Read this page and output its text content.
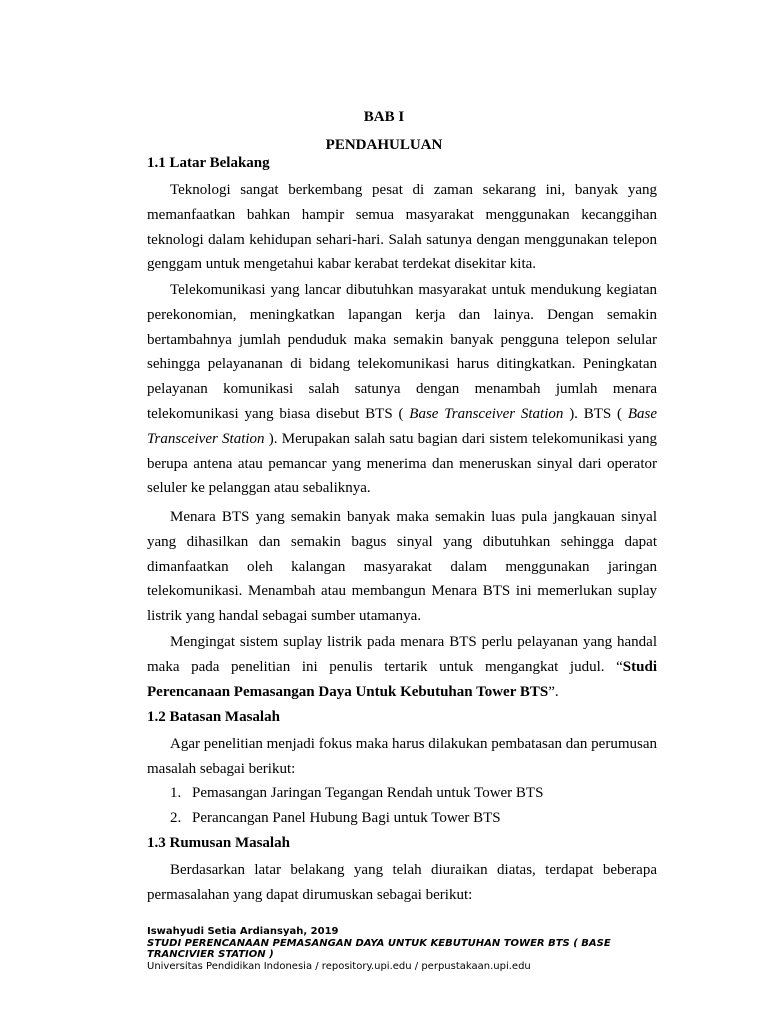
BAB I
PENDAHULUAN
1.1 Latar Belakang

Teknologi sangat berkembang pesat di zaman sekarang ini, banyak yang memanfaatkan bahkan hampir semua masyarakat menggunakan kecanggihan teknologi dalam kehidupan sehari-hari. Salah satunya dengan menggunakan telepon genggam untuk mengetahui kabar kerabat terdekat disekitar kita.

Telekomunikasi yang lancar dibutuhkan masyarakat untuk mendukung kegiatan perekonomian, meningkatkan lapangan kerja dan lainya. Dengan semakin bertambahnya jumlah penduduk maka semakin banyak pengguna telepon selular sehingga pelayananan di bidang telekomunikasi harus ditingkatkan. Peningkatan pelayanan komunikasi salah satunya dengan menambah jumlah menara telekomunikasi yang biasa disebut BTS ( Base Transceiver Station ). BTS ( Base Transceiver Station ). Merupakan salah satu bagian dari sistem telekomunikasi yang berupa antena atau pemancar yang menerima dan meneruskan sinyal dari operator seluler ke pelanggan atau sebaliknya.

Menara BTS yang semakin banyak maka semakin luas pula jangkauan sinyal yang dihasilkan dan semakin bagus sinyal yang dibutuhkan sehingga dapat dimanfaatkan oleh kalangan masyarakat dalam menggunakan jaringan telekomunikasi. Menambah atau membangun Menara BTS ini memerlukan suplay listrik yang handal sebagai sumber utamanya.

Mengingat sistem suplay listrik pada menara BTS perlu pelayanan yang handal maka pada penelitian ini penulis tertarik untuk mengangkat judul. “Studi Perencanaan Pemasangan Daya Untuk Kebutuhan Tower BTS”.

1.2 Batasan Masalah

Agar penelitian menjadi fokus maka harus dilakukan pembatasan dan perumusan masalah sebagai berikut:

1. Pemasangan Jaringan Tegangan Rendah untuk Tower BTS
2. Perancangan Panel Hubung Bagi untuk Tower BTS
1.3 Rumusan Masalah

Berdasarkan latar belakang yang telah diuraikan diatas, terdapat beberapa permasalahan yang dapat dirumuskan sebagai berikut:

Iswahyudi Setia Ardiansyah, 2019
STUDI PERENCANAAN PEMASANGAN DAYA UNTUK KEBUTUHAN TOWER BTS ( BASE TRANCIVIER STATION )
Universitas Pendidikan Indonesia / repository.upi.edu / perpustakaan.upi.edu
